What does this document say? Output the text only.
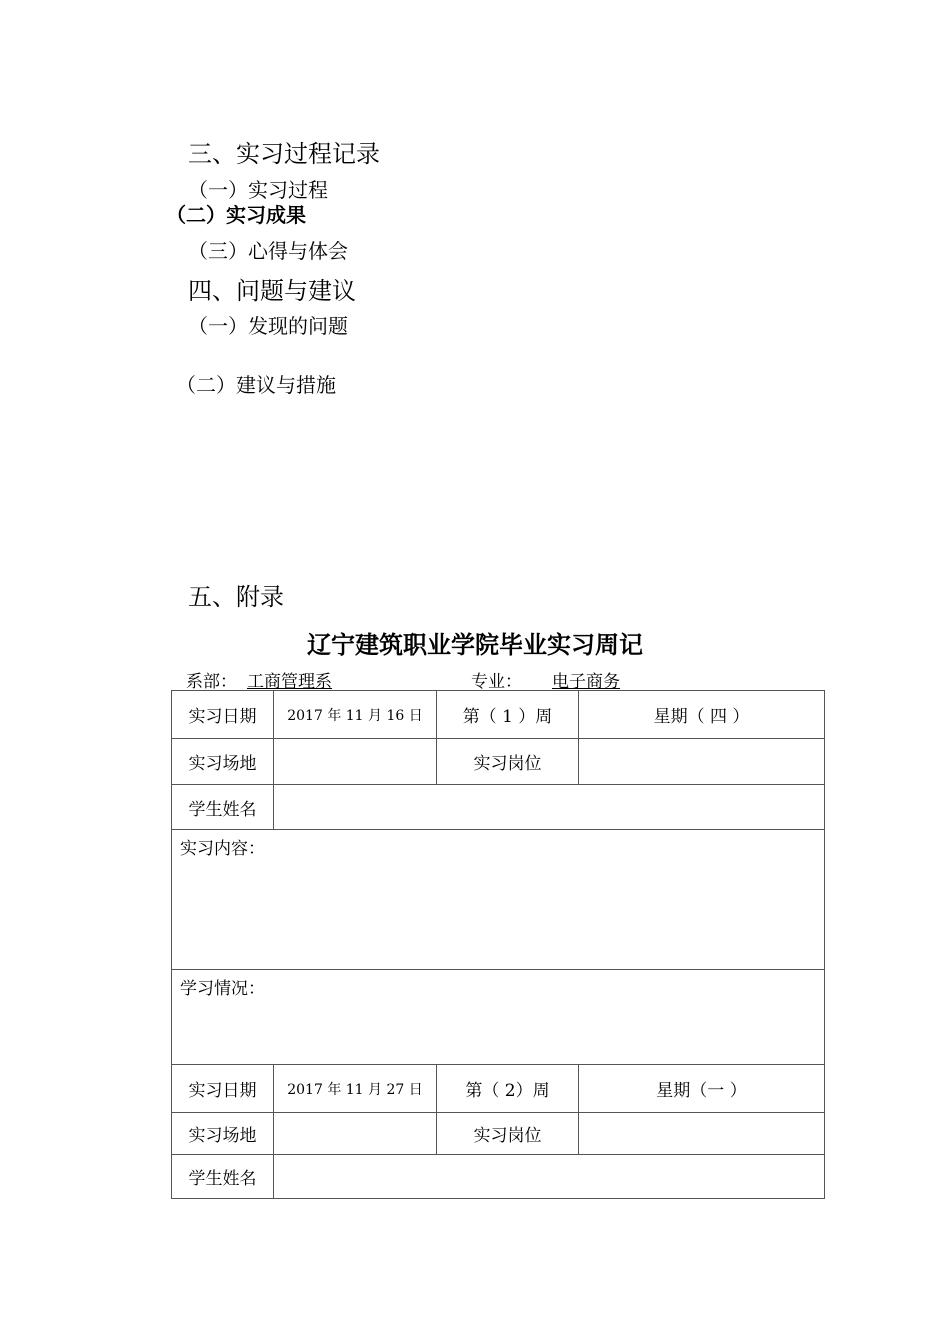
三、实习过程记录
（一）实习过程
（二）实习成果
（三）心得与体会
四、问题与建议
（一）发现的问题
（二）建议与措施
五、附录
辽宁建筑职业学院毕业实习周记
系部： 工商管理系	专业： 电子商务
实习日期	2017 年 11 月 16 日	第（ 1 ）周	星期（ 四 ）
实习场地		实习岗位	
学生姓名			
实习内容：			
学习情况：			
实习日期	2017 年 11 月 27 日	第（ 2）周	星期（一 ）
实习场地		实习岗位	
学生姓名			
